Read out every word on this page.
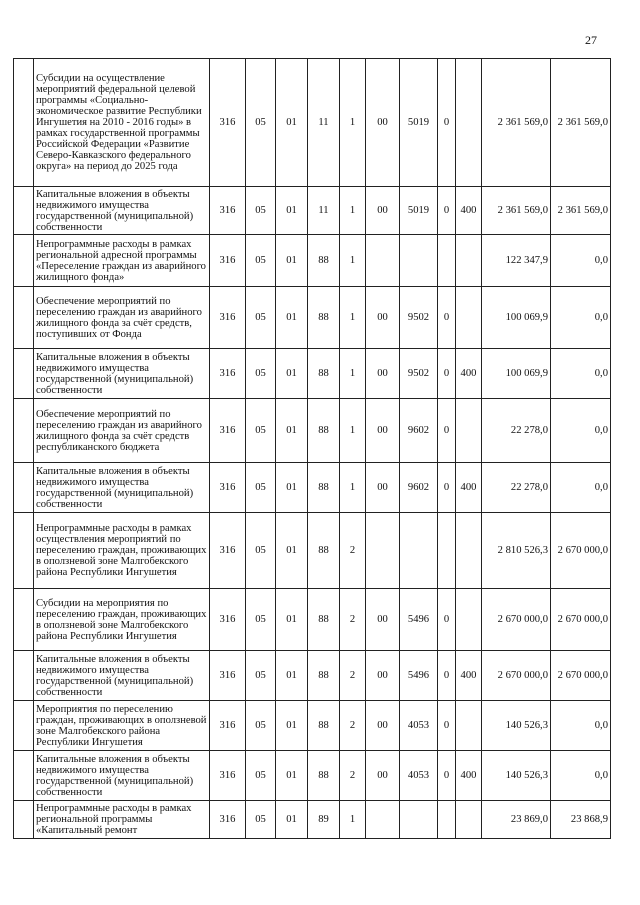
27
	Субсидии на осуществление мероприятий федеральной целевой программы «Социально-экономическое развитие Республики Ингушетия на 2010 - 2016 годы» в рамках государственной программы Российской Федерации «Развитие Северо-Кавказского федерального округа» на период до 2025 года	316	05	01	11	1	00	5019	0		2 361 569,0	2 361 569,0
	Капитальные вложения в объекты недвижимого имущества государственной (муниципальной) собственности	316	05	01	11	1	00	5019	0	400	2 361 569,0	2 361 569,0
	Непрограммные расходы в рамках региональной адресной программы «Переселение граждан из аварийного жилищного фонда»	316	05	01	88	1					122 347,9	0,0
	Обеспечение мероприятий по переселению граждан из аварийного жилищного фонда за счёт средств, поступивших от Фонда	316	05	01	88	1	00	9502	0		100 069,9	0,0
	Капитальные вложения в объекты недвижимого имущества государственной (муниципальной) собственности	316	05	01	88	1	00	9502	0	400	100 069,9	0,0
	Обеспечение мероприятий по переселению граждан из аварийного жилищного фонда за счёт средств республиканского бюджета	316	05	01	88	1	00	9602	0		22 278,0	0,0
	Капитальные вложения в объекты недвижимого имущества государственной (муниципальной) собственности	316	05	01	88	1	00	9602	0	400	22 278,0	0,0
	Непрограммные расходы в рамках осуществления мероприятий по переселению граждан, проживающих в оползневой зоне Малгобекского района Республики Ингушетия	316	05	01	88	2					2 810 526,3	2 670 000,0
	Субсидии на мероприятия по переселению граждан, проживающих в оползневой зоне Малгобекского района Республики Ингушетия	316	05	01	88	2	00	5496	0		2 670 000,0	2 670 000,0
	Капитальные вложения в объекты недвижимого имущества государственной (муниципальной) собственности	316	05	01	88	2	00	5496	0	400	2 670 000,0	2 670 000,0
	Мероприятия по переселению граждан, проживающих в оползневой зоне Малгобекского района Республики Ингушетия	316	05	01	88	2	00	4053	0		140 526,3	0,0
	Капитальные вложения в объекты недвижимого имущества государственной (муниципальной) собственности	316	05	01	88	2	00	4053	0	400	140 526,3	0,0
	Непрограммные расходы в рамках региональной программы «Капитальный ремонт	316	05	01	89	1					23 869,0	23 868,9
